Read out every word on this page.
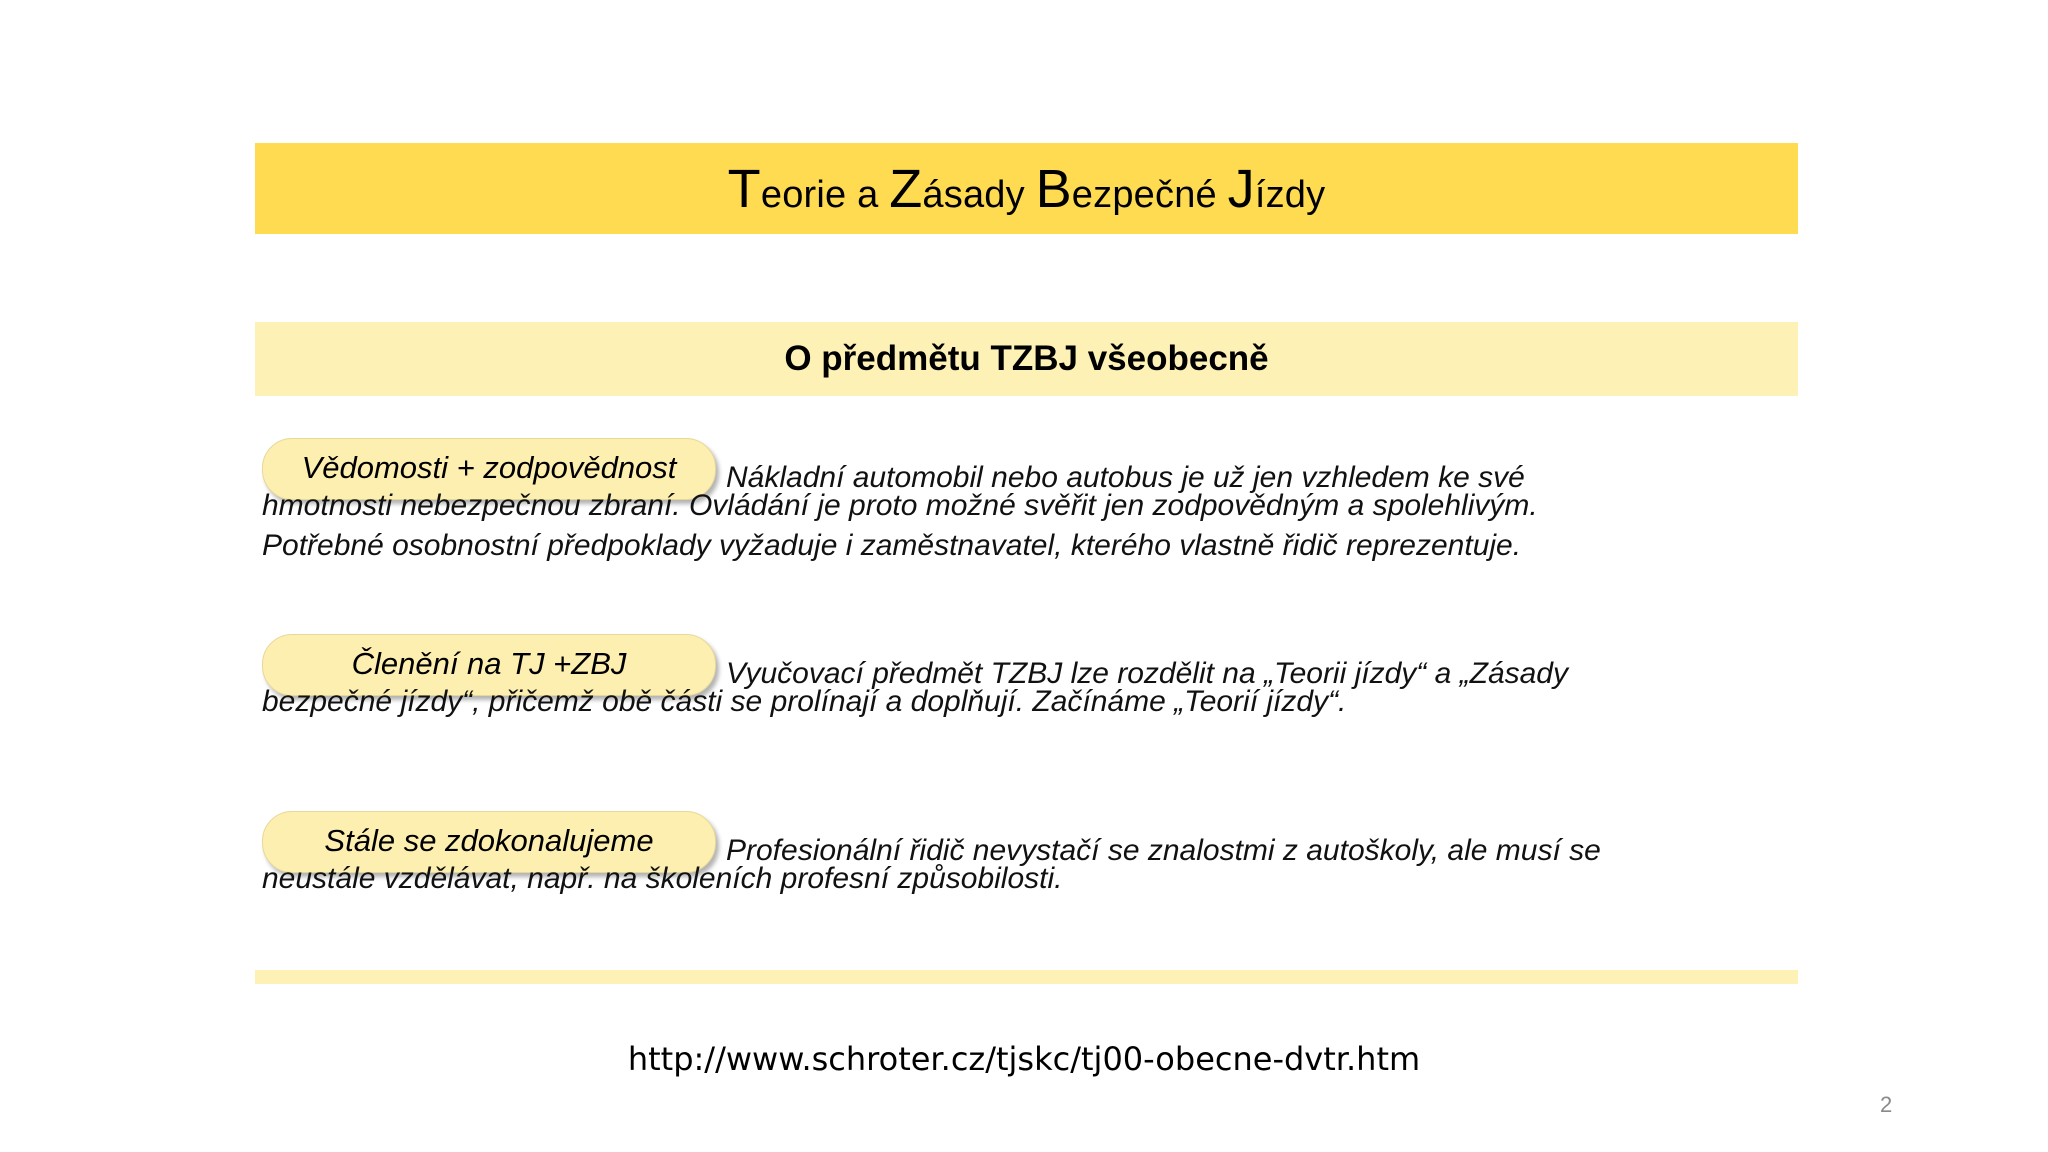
Teorie a Zásady Bezpečné Jízdy
O předmětu TZBJ všeobecně
Vědomosti + zodpovědnost Nákladní automobil nebo autobus je už jen vzhledem ke své
hmotnosti nebezpečnou zbraní. Ovládání je proto možné svěřit jen zodpovědným a spolehlivým.
Potřebné osobnostní předpoklady vyžaduje i zaměstnavatel, kterého vlastně řidič reprezentuje.
Členění na TJ +ZBJ	Vyučovací předmět TZBJ lze rozdělit na „Teorii jízdy“ a „Zásady
bezpečné jízdy“, přičemž obě části se prolínají a doplňují. Začínáme „Teorií jízdy“.
Stále se zdokonalujeme Profesionální řidič nevystačí se znalostmi z autoškoly, ale musí se
neustále vzdělávat, např. na školeních profesní způsobilosti.
http://www.schroter.cz/tjskc/tj00-obecne-dvtr.htm
2
